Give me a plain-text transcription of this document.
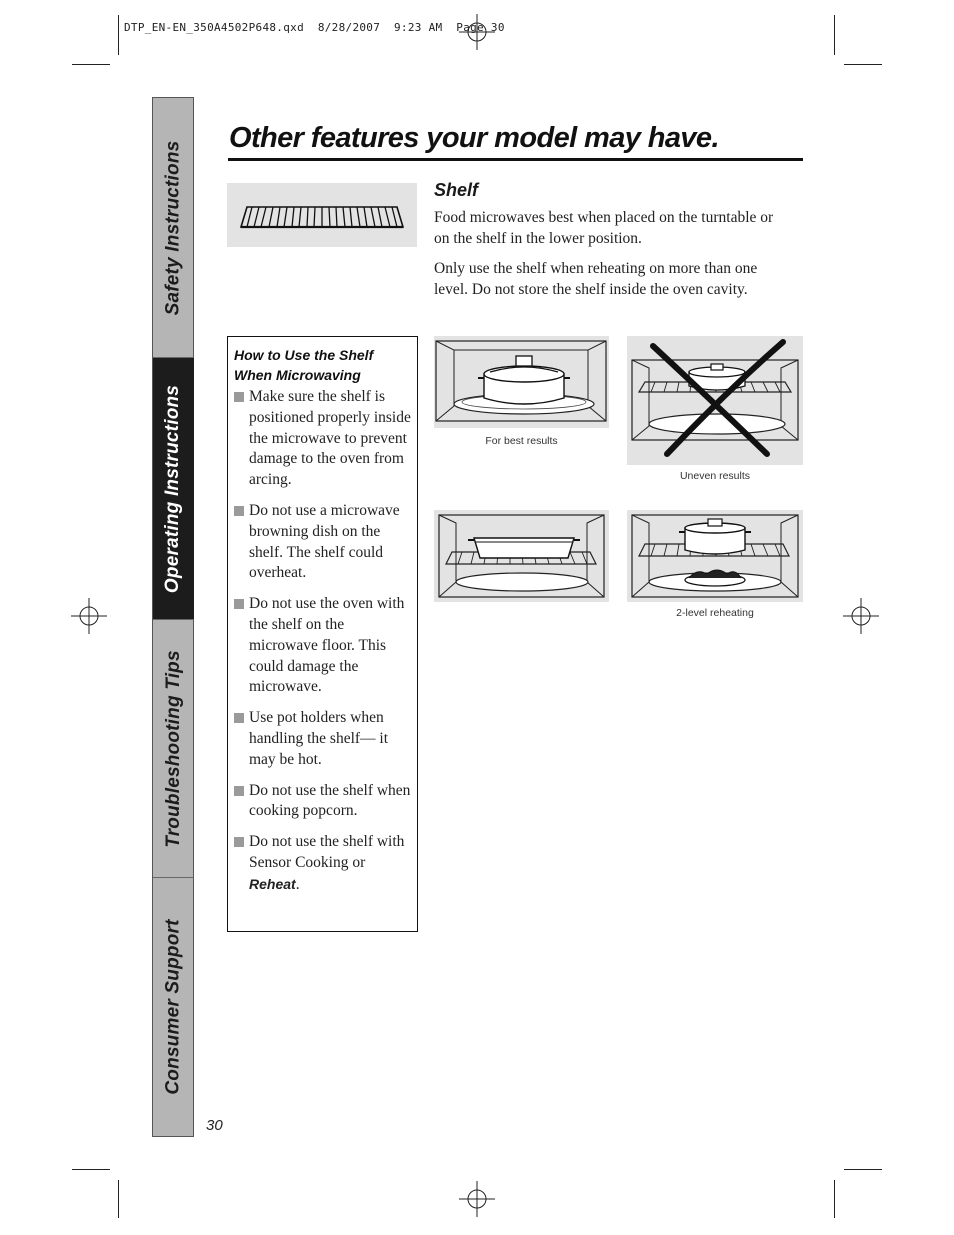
DTP_EN-EN_350A4502P648.qxd  8/28/2007  9:23 AM  Page 30
Safety Instructions
Operating Instructions
Troubleshooting Tips
Consumer Support
Other features your model may have.
Shelf
Food microwaves best when placed on the turntable or on the shelf in the lower position.
Only use the shelf when reheating on more than one level. Do not store the shelf inside the oven cavity.
How to Use the Shelf When Microwaving
Make sure the shelf is positioned properly inside the microwave to prevent damage to the oven from arcing.
Do not use a microwave browning dish on the shelf. The shelf could overheat.
Do not use the oven with the shelf on the microwave floor. This could damage the microwave.
Use pot holders when handling the shelf— it may be hot.
Do not use the shelf when cooking popcorn.
Do not use the shelf with Sensor Cooking or Reheat.
For best results
Uneven results
2-level reheating
30
